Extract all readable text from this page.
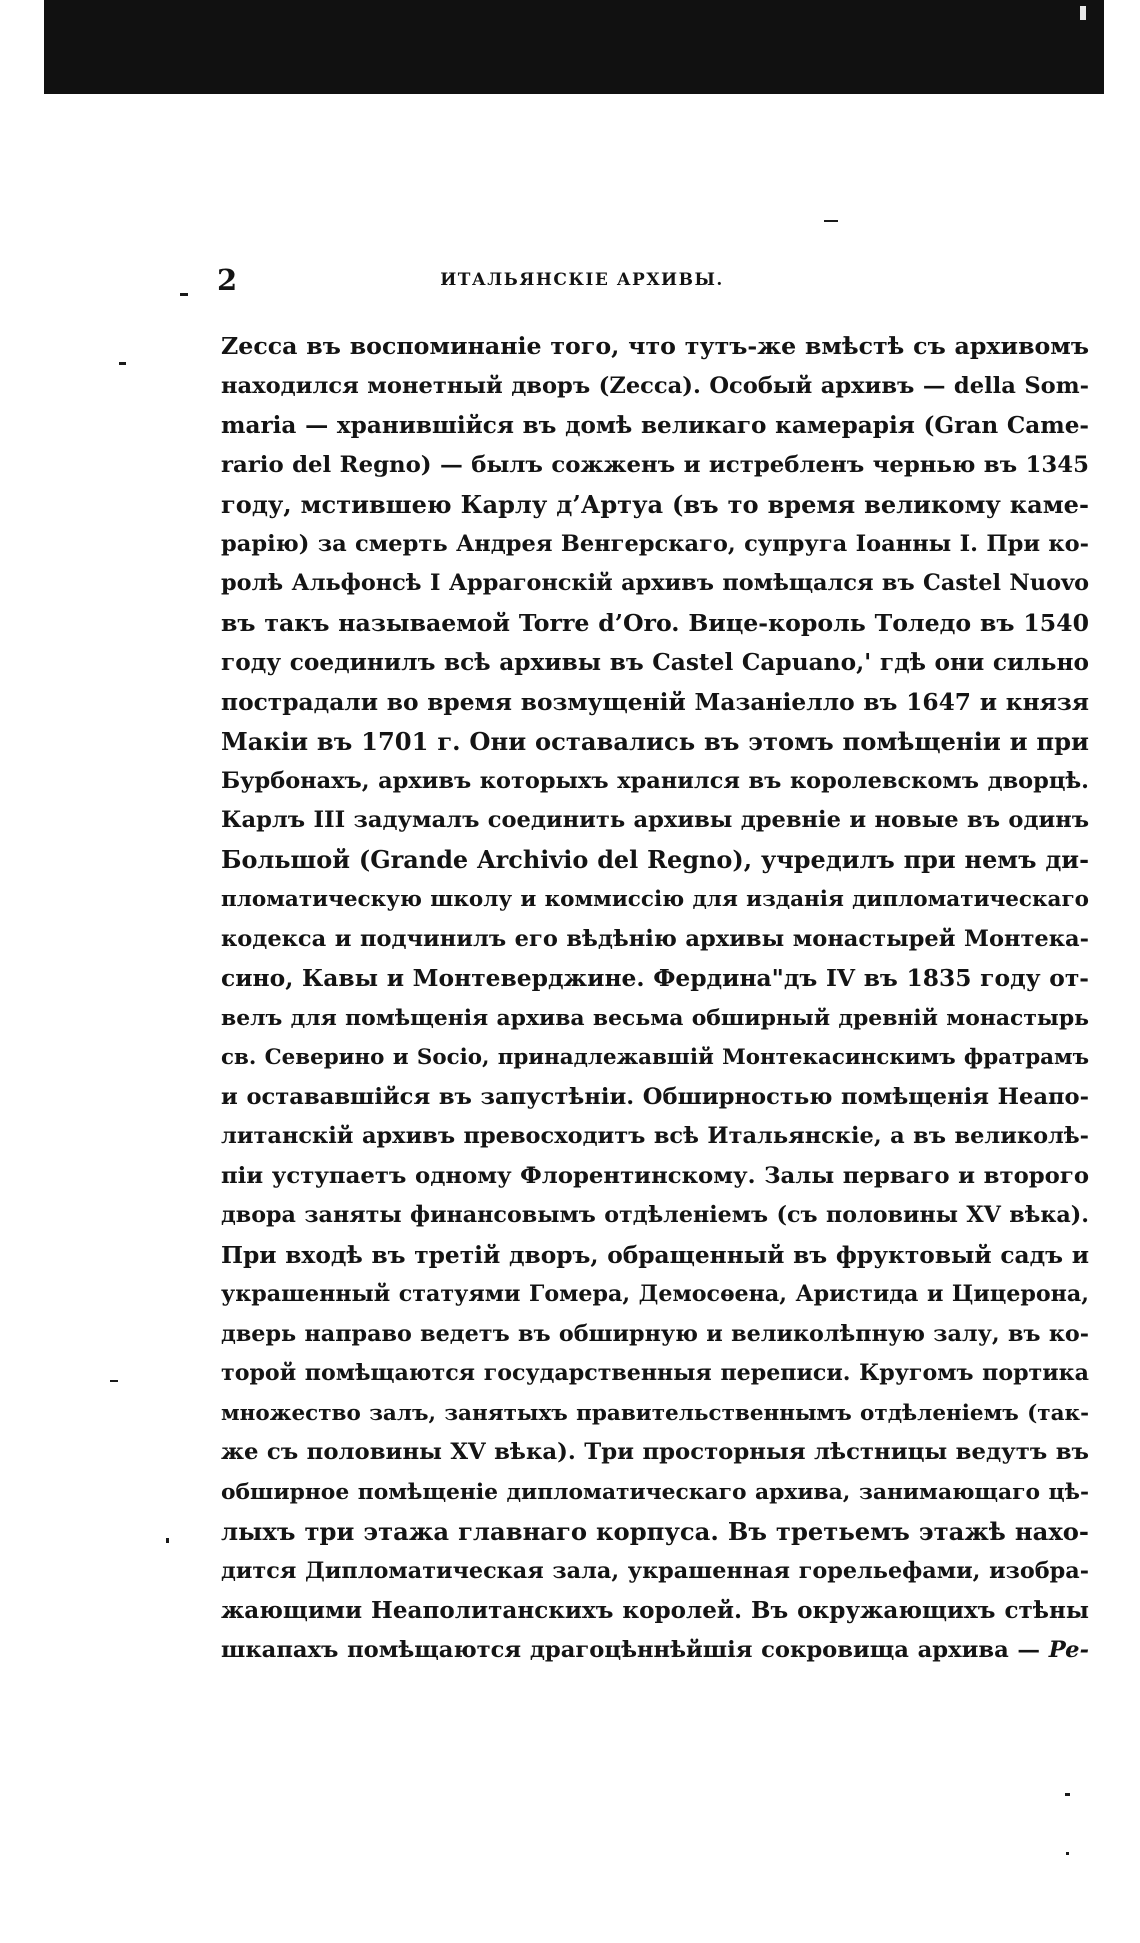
2	ИТАЛЬЯНСКІЕ АРХИВЫ.
Zecca въ воспоминаніе того, что тутъ-же вмѣстѣ съ архивомъ
находился монетный дворъ (Zecca). Особый архивъ — della Som-
maria — хранившійся въ домѣ великаго камерарія (Gran Came-
rario del Regno) — былъ сожженъ и истребленъ чернью въ 1345
году, мстившею Карлу д’Артуа (въ то время великому каме-
рарію) за смерть Андрея Венгерскаго, супруга Іоанны I. При ко-
ролѣ Альфонсѣ I Аррагонскій архивъ помѣщался въ Castel Nuovo
въ такъ называемой Torre d’Oro. Вице-король Толедо въ 1540
году соединилъ всѣ архивы въ Castel Capuano,' гдѣ они сильно
пострадали во время возмущеній Мазаніелло въ 1647 и князя
Макіи въ 1701 г. Они оставались въ этомъ помѣщеніи и при
Бурбонахъ, архивъ которыхъ хранился въ королевскомъ дворцѣ.
Карлъ III задумалъ соединить архивы древніе и новые въ одинъ
Большой (Grande Archivio del Regno), учредилъ при немъ ди-
пломатическую школу и коммиссію для изданія дипломатическаго
кодекса и подчинилъ его вѣдѣнію архивы монастырей Монтека-
сино, Кавы и Монтеверджине. Фердина"дъ IV въ 1835 году от-
велъ для помѣщенія архива весьма обширный древній монастырь
св. Северино и Socio, принадлежавшій Монтекасинскимъ фратрамъ
и остававшійся въ запустѣніи. Обширностью помѣщенія Неапо-
литанскій архивъ превосходитъ всѣ Итальянскіе, а въ великолѣ-
піи уступаетъ одному Флорентинскому. Залы перваго и второго
двора заняты финансовымъ отдѣленіемъ (съ половины XV вѣка).
При входѣ въ третій дворъ, обращенный въ фруктовый садъ и
украшенный статуями Гомера, Демосѳена, Аристида и Цицерона,
дверь направо ведетъ въ обширную и великолѣпную залу, въ ко-
торой помѣщаются государственныя переписи. Кругомъ портика
множество залъ, занятыхъ правительственнымъ отдѣленіемъ (так-
же съ половины XV вѣка). Три просторныя лѣстницы ведутъ въ
обширное помѣщеніе дипломатическаго архива, занимающаго цѣ-
лыхъ три этажа главнаго корпуса. Въ третьемъ этажѣ нахо-
дится Дипломатическая зала, украшенная горельефами, изобра-
жающими Неаполитанскихъ королей. Въ окружающихъ стѣны
шкапахъ помѣщаются драгоцѣннѣйшія сокровища архива — Pe-
